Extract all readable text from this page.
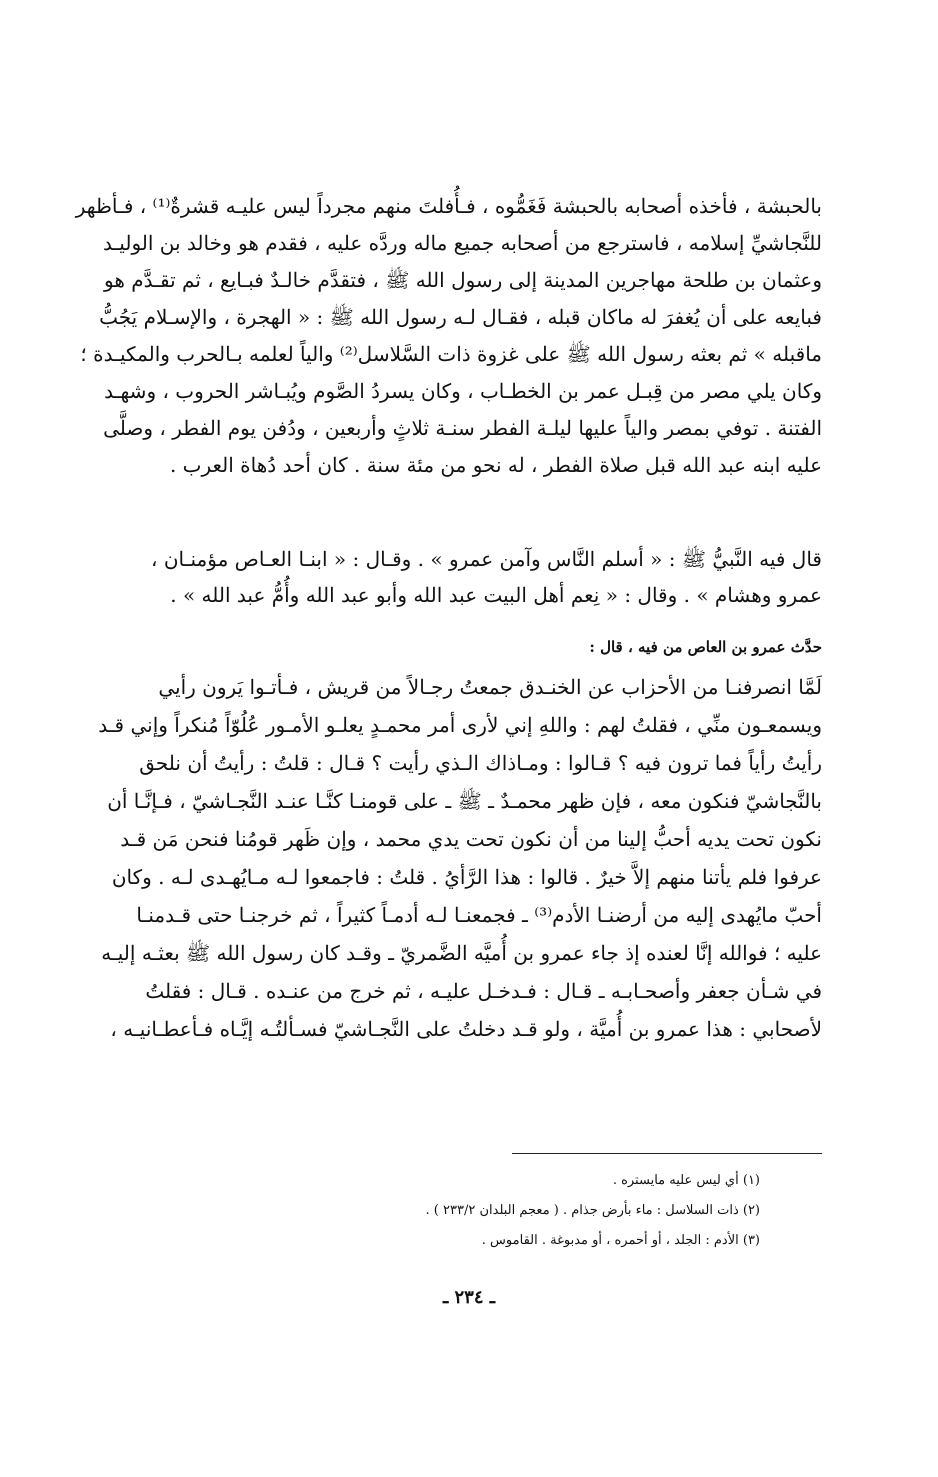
بالحبشة ، فأخذه أصحابه بالحبشة فَغَمُّوه ، فـأُفلتَ منهم مجرداً ليس عليـه قشرةٌ⁽¹⁾ ، فـأظهر
للنَّجاشيِّ إسلامه ، فاسترجع من أصحابه جميع ماله وردَّه عليه ، فقدم هو وخالد بن الوليـد
وعثمان بن طلحة مهاجرين المدينة إلى رسول الله ﷺ ، فتقدَّم خالـدٌ فبـايع ، ثم تقـدَّم هو
فبايعه على أن يُغفرَ له ماكان قبله ، فقـال لـه رسول الله ﷺ : « الهجرة ، والإسـلام يَجُبُّ
ماقبله » ثم بعثه رسول الله ﷺ على غزوة ذات السَّلاسل⁽²⁾ والياً لعلمه بـالحرب والمكيـدة ؛
وكان يلي مصر من قِبـل عمر بن الخطـاب ، وكان يسردُ الصَّوم ويُبـاشر الحروب ، وشهـد
الفتنة . توفي بمصر والياً عليها ليلـة الفطر سنـة ثلاثٍ وأربعين ، ودُفن يوم الفطر ، وصلَّى
عليه ابنه عبد الله قبل صلاة الفطر ، له نحو من مئة سنة . كان أحد دُهاة العرب .
قال فيه النَّبيُّ ﷺ : « أسلم النَّاس وآمن عمرو » . وقـال : « ابنـا العـاص مؤمنـان ،
عمرو وهشام » . وقال : « نِعم أهل البيت عبد الله وأبو عبد الله وأُمُّ عبد الله » .
حدَّث عمرو بن العاص من فيه ، قال :
لَمَّا انصرفنـا من الأحزاب عن الخنـدق جمعتُ رجـالاً من قريش ، فـأتـوا يَرون رأيي
ويسمعـون منِّي ، فقلتُ لهم : واللهِ إني لأرى أمر محمـدٍ يعلـو الأمـور عُلُوّاً مُنكراً وإني قـد
رأيتُ رأياً فما ترون فيه ؟ قـالوا : ومـاذاك الـذي رأيت ؟ قـال : قلتُ : رأيتُ أن نلحق
بالنَّجاشيّ فنكون معه ، فإن ظهر محمـدٌ ـ ﷺ ـ على قومنـا كنَّـا عنـد النَّجـاشيّ ، فـإنَّـا أن
نكون تحت يديه أحبُّ إلينا من أن نكون تحت يدي محمد ، وإن ظَهر قومُنا فنحن مَن قـد
عرفوا فلم يأتنا منهم إلاَّ خيرٌ . قالوا : هذا الرَّأيُ . قلتُ : فاجمعوا لـه مـايُهـدى لـه . وكان
أحبّ مايُهدى إليه من أرضنـا الأدم⁽³⁾ ـ فجمعنـا لـه أدمـاً كثيراً ، ثم خرجنـا حتى قـدمنـا
عليه ؛ فوالله إنَّا لعنده إذ جاء عمرو بن أُميَّه الضَّمريّ ـ وقـد كان رسول الله ﷺ بعثـه إليـه
في شـأن جعفر وأصحـابـه ـ قـال : فـدخـل عليـه ، ثم خرج من عنـده . قـال : فقلتُ
لأصحابي : هذا عمرو بن أُميَّة ، ولو قـد دخلتُ على النَّجـاشيّ فسـألتُـه إيَّـاه فـأعطـانيـه ،
(١) أي ليس عليه مايستره .
(٢) ذات السلاسل : ماء بأرض جذام . ( معجم البلدان ٢٣٣/٢ ) .
(٣) الأدم : الجلد ، أو أحمره ، أو مدبوغة . القاموس .
ـ ٢٣٤ ـ
